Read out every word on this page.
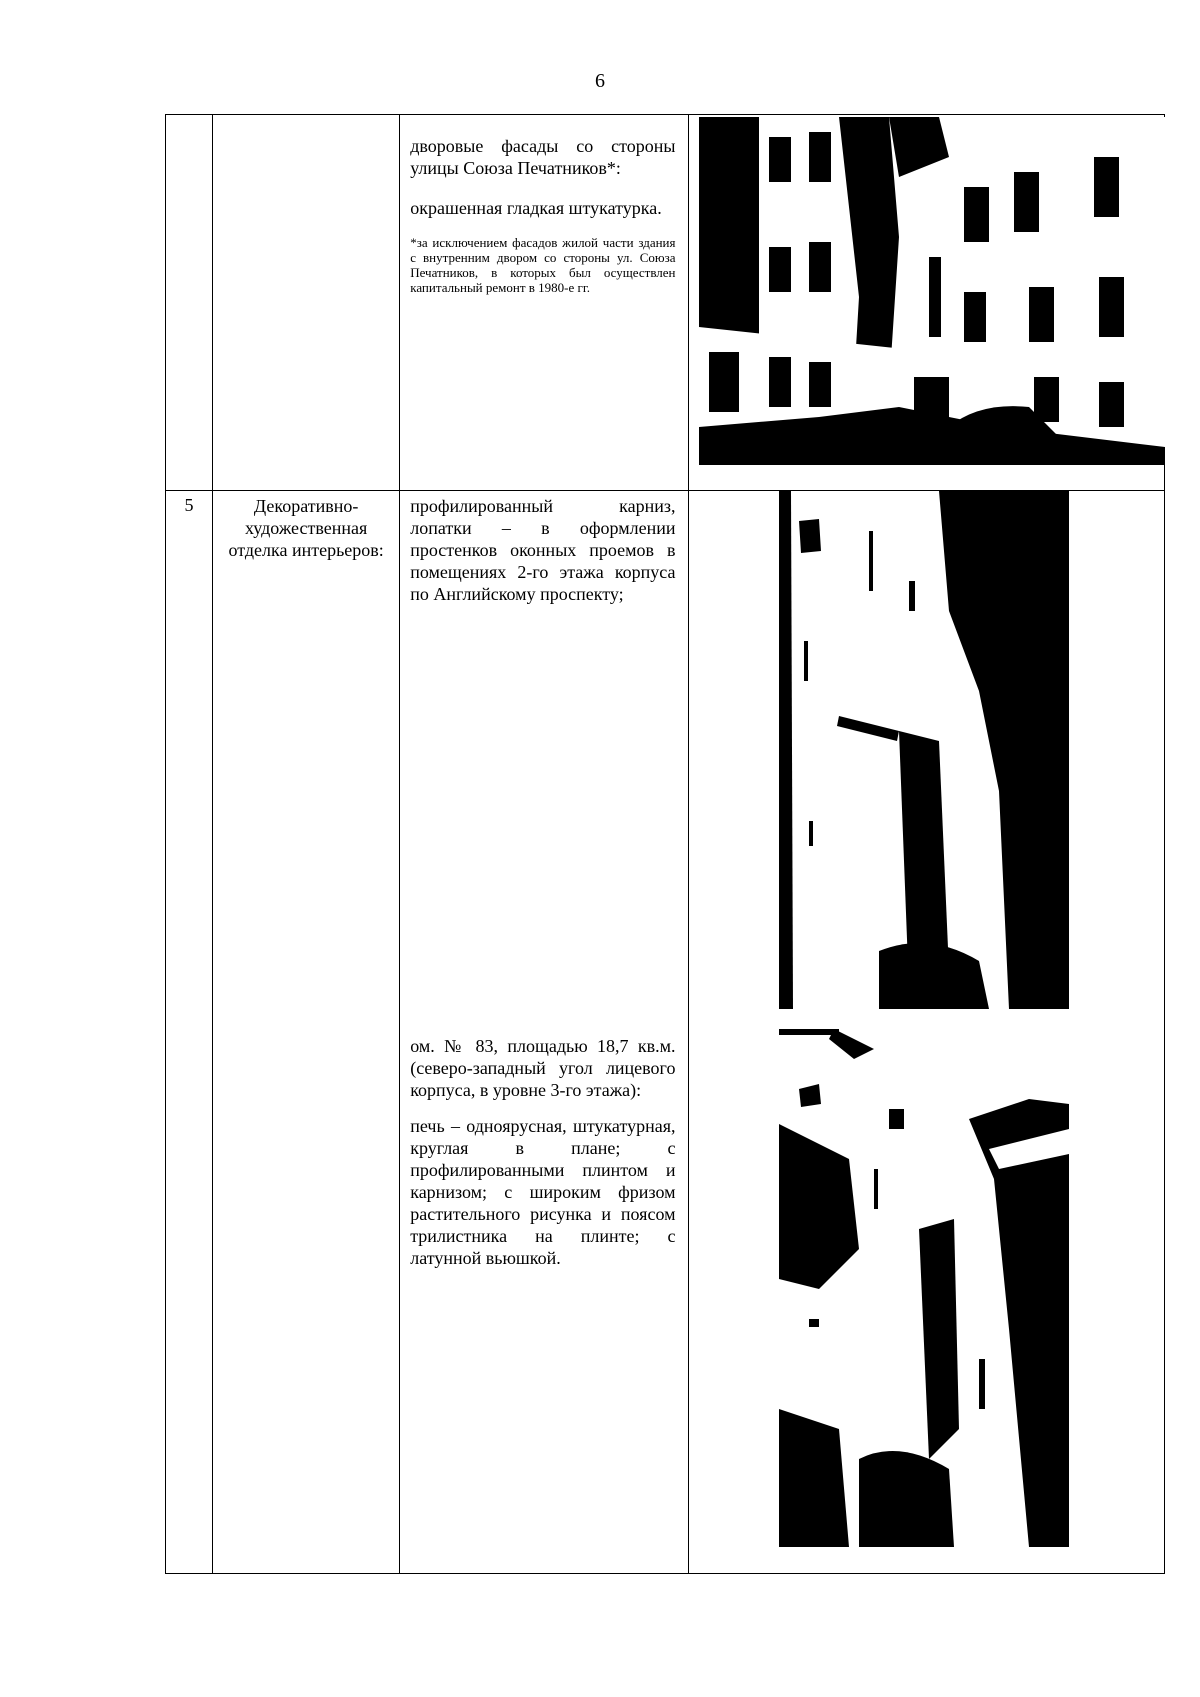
6

		дворовые фасады со стороны улицы Союза Печатников*:

окрашенная гладкая штукатурка.

*за исключением фасадов жилой части здания с внутренним двором со стороны ул. Союза Печатников, в которых был осуществлен капитальный ремонт в 1980-е гг.

5	Декоративно-художественная отделка интерьеров:	профилированный карниз, лопатки – в оформлении простенков оконных проемов в помещениях 2-го этажа корпуса по Английскому проспекту;

ом. № 83, площадью 18,7 кв.м. (северо-западный угол лицевого корпуса, в уровне 3-го этажа):

печь – одноярусная, штукатурная, круглая в плане; с профилированными плинтом и карнизом; с широким фризом растительного рисунка и поясом трилистника на плинте; с латунной вьюшкой.
